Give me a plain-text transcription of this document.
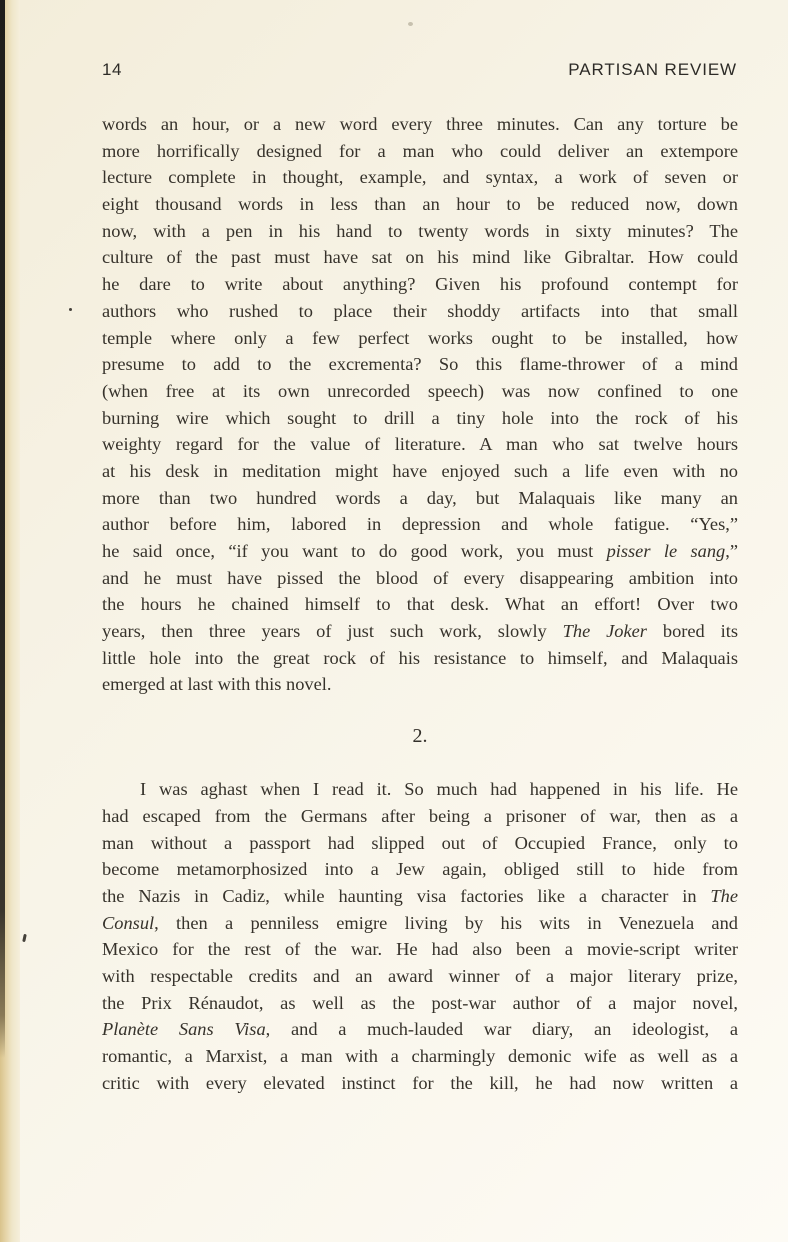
14	PARTISAN REVIEW
words an hour, or a new word every three minutes. Can any torture be
more horrifically designed for a man who could deliver an extempore
lecture complete in thought, example, and syntax, a work of seven or
eight thousand words in less than an hour to be reduced now, down
now, with a pen in his hand to twenty words in sixty minutes? The
culture of the past must have sat on his mind like Gibraltar. How could
he dare to write about anything? Given his profound contempt for
authors who rushed to place their shoddy artifacts into that small
temple where only a few perfect works ought to be installed, how
presume to add to the excrementa? So this flame-thrower of a mind
(when free at its own unrecorded speech) was now confined to one
burning wire which sought to drill a tiny hole into the rock of his
weighty regard for the value of literature. A man who sat twelve hours
at his desk in meditation might have enjoyed such a life even with no
more than two hundred words a day, but Malaquais like many an
author before him, labored in depression and whole fatigue. “Yes,”
he said once, “if you want to do good work, you must pisser le sang,”
and he must have pissed the blood of every disappearing ambition into
the hours he chained himself to that desk. What an effort! Over two
years, then three years of just such work, slowly The Joker bored its
little hole into the great rock of his resistance to himself, and Malaquais
emerged at last with this novel.
2.
I was aghast when I read it. So much had happened in his life. He
had escaped from the Germans after being a prisoner of war, then as a
man without a passport had slipped out of Occupied France, only to
become metamorphosized into a Jew again, obliged still to hide from
the Nazis in Cadiz, while haunting visa factories like a character in The
Consul, then a penniless emigre living by his wits in Venezuela and
Mexico for the rest of the war. He had also been a movie-script writer
with respectable credits and an award winner of a major literary prize,
the Prix Rénaudot, as well as the post-war author of a major novel,
Planète Sans Visa, and a much-lauded war diary, an ideologist, a
romantic, a Marxist, a man with a charmingly demonic wife as well as a
critic with every elevated instinct for the kill, he had now written a
